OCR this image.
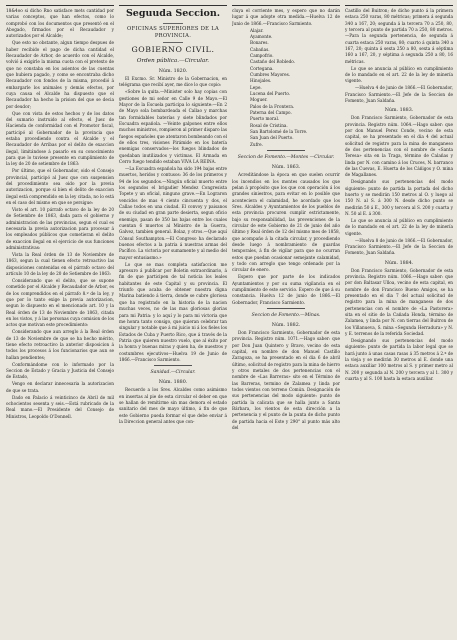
18&4oo si dicho Rno satisface mets cantidad por varias conceptos, que han efectos, como lo comprobó con los documentos que presentó en el Abogado, firmados por el Recaudador y autorizados por el Alcalde;

Que esto no obstante, algun tiempo despues de haber recibido el pago de dicha cantidad el Recaudador de Arbor, de acuerdo con el Alcalde, volvió á exigirle la misma cuota con el pretexto de que no constaba en los asientos de las cuentas que hubiera pagado, y como se encontraba dicho Recaudador con fondos de la misma, procedió á embargarle los animales y demás efectos, por cuya causa el Alcalde ha dispuesto que el Recaudador ha hecho la prision del que se decia por deudor;

Que con vista de estos hechos y de los datos del sumario instruido al efecto, el Juez de Hacienda de conformidad con el Promotor fiscal, participó al Gobernador de la provincia que estaba procediendo contra el Alcalde y el Recaudador de Arribas por el delito de exaccion ilegal, limitándose á pasarlo en su conocimiento para que lo tuviese presente en cumplimiento de la ley de 20 de setiembre de 1863:

Por último, que el Gobernador, oido el Consejo provincial, participó al Juez que con suspension del procedimiento sea oido por la previa autorizacion, porque si bien el delito de exaccion ilegal está comprendido en la ley citada, no lo está en el caso del mismo en que se persigue:

Visto el art. 10 párrafo octavo de la ley de 20 de Setiembre de 1863, dada para el gobierno y administracion de las provincias, segun el cual es necesaria la previa autorizacion para procesar á los empleados públicos que cometieran el delito de exaccion ilegal en el ejercicio de sus funciones administrativas:

Vista la Real órden de 13 de Noviembre de 1863, segun la cual tienen efecto retroactivo las disposiciones contenidas en el párrafo octavo del artículo 10 de la ley de 20 de Setiembre de 1863:

Considerando que el delito, que se supone cometido por el Alcalde y Recaudador de Arbor, es de los comprendidos en el párrafo 8.º de la ley, y que por lo tanto exige la previa autorizacion, segun lo dispuesto en el mencionado art. 10 y la Real órden de 13 de Noviembre de 1863, citada en los vistos, y á las personas cuya comision de los actos que motivan este procedimiento:

Considerando que aun arreglo á la Real órden de 13 de Noviembre de que se ha hecho mérito, tiene efecto retroactivo la anterior disposicion á todos los procesos á los funcionarios que aun se hallan pendientes;

Conformándome con lo informado por la Seccion de Estado y Gracia y Justicia del Consejo de Estado,

Vengo en declarar innecesaria la autorizacion de que se trata.

Dado en Palacio á veinticinco de Abril de mil ochocientos sesenta y seis.—Está rubricado de la Real mano.—El Presidente del Consejo de Ministros, Leopoldo O'Donnell.

Seguuda Seccion.
OFICINAS SUPERIORES DE LA PROVINCIA.
GOBIERNO CIVIL.
Orden pública.—Circular.
Núm. 1820.

El Excmo. Sr. Ministro de la Gobernacion, en telégrama que recibí ayer, me dice lo que copio:

«Sobre la quita.—Minister solo hay copias con gestiones de mi señor en Calle 9 de Mayo.—El Mayor de la Escuela participa lo siguiente:—En 2 de Mayo sola bombardeada el Callao y marchas tan formidables baterías y siete blindados por Escuadra española. —Veinte galpones entre ellos muchos ministros, rompieron al primer disparo las fuegos españoles que atentaron bombeando con el de ellos tres, visiones Pirámide en los batería enemigas conservados—los fuegos blindados de quedaban inutilizados y victimas. El Armada en Cerro fuego tendido estaban VIVA LA REINA.

—La Escuadra española ha sido 194 bajas entre muertos, heridos y contusos: 36 de los primeros y 94 de los segundos.—Ningún oficial muerto entre los segundos el brigadier Mendez Congresista Topete y un oficial, ninguno grave.—En Lograron vencidos de mas 4 ciento cincuenta y dos, el Callao todos en una ciudad. El convoy y paisanos de su ciudad en gran parte desierta, segun oficio enemigo, pasan de 350 las bajas entre los cuales cuentan 6 muertos al Ministro de la Guerra, Galvez, tambien general. Bolaz, y otros.—Que aquí Cónsul Southampton.—El Congreso ha declarado buenos efectos a la patria á nuestras armas del Pacífico. La victoria por sumamente y al medio del mayor entusiasmo.»

Lo que se mas completa satisfaccion me apresuro á publicar por Boletin extraordinario, á fin de que participen de tal noticia los leales habitantes de este Capital y su provincia. El triunfo que acaba de obtener nuestra digna Marina batiendo á tierra, donde se cubre gloriosa que ha registrado en la historia de la nacion muchas veces, no de las mas gloriosas glorias para mi Patria: y lo aquí y lo para mi victoria que me honra tanto consigo, que quieran celebrar tan singular y notable que á mi juicio ni á los fieles los Estados de Cuba y Puerto Rico, que á través de la Patria que quieren nuestro vuelo, que al éxito por la honra y buenas miras y quien ha, de nuestros y costumbres ejecutivos—Huelva 19 de Junio de 1866.—Francisco Sarmiento.

Sanidad.—Circular.
Núm. 1880.

Recuerdo a los Sres. Alcaldes como asimismo en insertas al pie de esta circular el deber en que se hallan de remitirme sin mas demora el estado sanitario del mes de mayo último, á fin de que este Gobierno pueda formar el que debe enviar á la Direccion general antes que con-

cluya el corriente mes, y espero que no darán lugar á que adopte otra medida.—Huelva 12 de Junio de 1866.—Francisco Sarmiento.

Alajar.
Ayamonte.
Bonares.
Cabañas.
Campofrio.
Castaño del Robledo.
Cortegana.
Cumbres Mayores.
Hinojales.
Lepe.
Lucena del Puerto.
Moguer.
Palos de la Frontera.
Paterna del Campo.
Puerto moral.
Rosal de Cristina.
San Bartolomé de la Torre.
San Juan del Puerto.
Zufre.
Seccion de Fomento.—Montes —Circular.
Núm. 1863.

Acreditándose la época en que suelen ocurrir los incendios en los montes causados los que pelan á propósito que los que con operación á los grandes siniestros, para evitar en lo posible que aconteciera el calamidad, he acordado que los Sres. Alcaldes y Ayuntamientos de los pueblos de esta provincia procuren cumplir estrictamente, bajo su responsabilidad, las prevenciones de la circular de este Gobierno de 21 de junio del año último y Real órden de 12 del mismo mes de 1858, que acompaño á la citada circular, y procediendo desde luego á nombramiento de guardas temporales, á fin de vigilar para que no ocurran estos que puedan ocasionar semejante calamidad, y todo con arreglo que tengo ordenado por la circular de enero.

Espero que por parte de los indicados Ayuntamientos y por su suma vigilancia en el cumplimiento de este servicio. Espero de que á su constancia. Huelva 12 de junio de 1866.—El Gobernador, Francisco Sarmiento.

Seccion de Fomento.—Minas.
Núm. 1882.

Don Francisco Sarmiento, Gobernador de esta provincia. Registro núm. 1071.—Hago saber: que por Don Juan Quintero y Bravo, vecino de esta capital, en nombre de don Manuel Castillo Zaragoza, se ha presentado en el dia 6 de abril último, solicitud de registro para la mina de hierro y otros metales de dos pertenencias con el nombre de «Las Barreras» sito en el Término de las Barreras, termino de Zalamea y linda por todos vientos con terreno Común. Designación de sus pertenencias del modo siguiente: punto de partida la calicata que se halla junto a Santa Bárbara, los vientos de esta dirección a la pertenencia y el punto de la punta de dicho punto de partida hacia el Este y 290° al punto más alto del

Castillo del Buitron; de dicho punto á la primera estaca 250 varas, 80 métricas; primera á segunda 340 a 167, 20; segunda á la tercera 70 a 250, 80, y tercera al punto de partida 70 a 250, 80 metros.—Para la segunda pertenencia, de segunda á cuarta estaca 250 varas, 80; cuarto á quinta 340 a 167, 20; quinta á sexta 250 a 80, sexta á séptima 160 a 167, 20, y séptima á segunda 250 a 80, 16 métricas.

Lo que se anuncia al público en cumplimiento de lo mandado en el art. 22 de la ley de minería vigente.

—Huelva 4 de junio de 1866.—El Gobernador, Francisco Sarmiento.—El Jefe de la Seccion de Fomento, Juan Saldaña.

Núm. 1883.

Don Francisco Sarmiento, Gobernador de esta provincia. Registro núm. 1064.—Hago saber: que por don Manuel Perez Conde, vecino de esta capital, se ha presentado en el dia 4 del actual solicitud de registro para la mina de manganeso de dos pertenencias con el nombre de «Santa Teresa» sita en la Traga, término de Calañas y linda por N. con camino á los Cruces, N. barranco de las Cuevas, E. Huerta de los Cáñigos y O. mina de Magallanes.

Designando sus pertenencias del modo siguiente: punto de partida la portada del dicho huerto y se medirán 150 metros al O. y luego al 150 N. al S. á 300 N. desde dicho punto se medirán 50 á E., 300 y tercera al S. 200 y cuarta y N. 50 al E. á 300.

Lo que se anuncia al público en cumplimiento de lo mandado en el art. 22 de la ley de minería vigente.

—Huelva 8 de junio de 1866.—El Gobernador, Francisco Sarmiento.—El Jefe de la Seccion de Fomento, Juan Saldaña.

Núm. 1884.

Don Francisco Sarmiento, Gobernador de esta provincia. Registro núm. 1066.—Hago saber: que por don Baltasar Ulloa, vecino de esta capital, en nombre de don Francisco Bueno Amigos, se ha presentado en el dia 7 del actual solicitud de registro para la mina de manganeso de dos pertenencias con el nombre de «La Pastorera» sita en el sitio de la Cañada Honda, término de Zalamea, y linda por N. con tierras del Buitron de los Villanueva, S. mina «Segunda Herradura» y N. y E. terrenos de la referida Sociedad.

Designando sus pertenencias del modo siguiente: punto de partida la labor legal que se hará junto á unas casas rasas á 35 metros á 2.ª de la vieja y se medirán 30 metros al E. donde una estaca auxiliar 100 metros al S. y primer metro al N. 200 y segunda al N. 200 y tercera y al 1. 300 y cuarta y al S. 100 hasta la estaca auxiliar.
